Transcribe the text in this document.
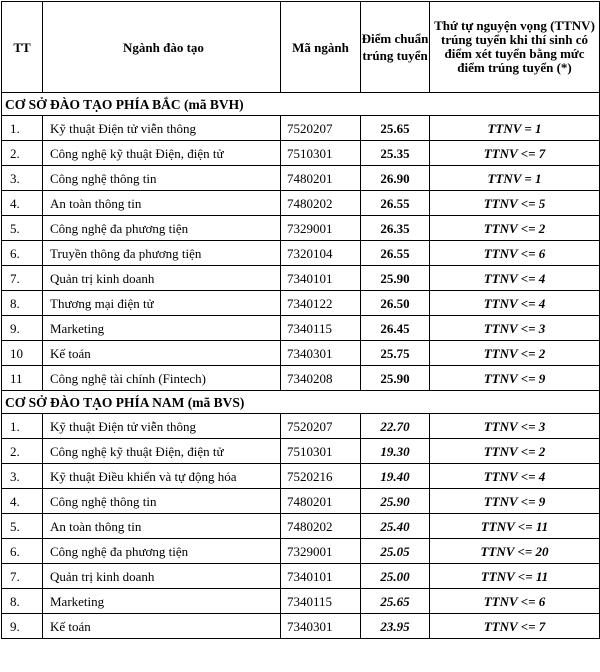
TT	Ngành đào tạo	Mã ngành	Điểm chuẩn trúng tuyển	Thứ tự nguyện vọng (TTNV) trúng tuyển khi thí sinh có điểm xét tuyển bằng mức điểm trúng tuyển (*)
CƠ SỞ ĐÀO TẠO PHÍA BẮC (mã BVH)				
1.	Kỹ thuật Điện tử viễn thông	7520207	25.65	TTNV = 1
2.	Công nghệ kỹ thuật Điện, điện tử	7510301	25.35	TTNV <= 7
3.	Công nghệ thông tin	7480201	26.90	TTNV = 1
4.	An toàn thông tin	7480202	26.55	TTNV <= 5
5.	Công nghệ đa phương tiện	7329001	26.35	TTNV <= 2
6.	Truyền thông đa phương tiện	7320104	26.55	TTNV <= 6
7.	Quản trị kinh doanh	7340101	25.90	TTNV <= 4
8.	Thương mại điện tử	7340122	26.50	TTNV <= 4
9.	Marketing	7340115	26.45	TTNV <= 3
10	Kế toán	7340301	25.75	TTNV <= 2
11	Công nghệ tài chính (Fintech)	7340208	25.90	TTNV <= 9
CƠ SỞ ĐÀO TẠO PHÍA NAM (mã BVS)				
1.	Kỹ thuật Điện tử viễn thông	7520207	22.70	TTNV <= 3
2.	Công nghệ kỹ thuật Điện, điện tử	7510301	19.30	TTNV <= 2
3.	Kỹ thuật Điều khiển và tự động hóa	7520216	19.40	TTNV <= 4
4.	Công nghệ thông tin	7480201	25.90	TTNV <= 9
5.	An toàn thông tin	7480202	25.40	TTNV <= 11
6.	Công nghệ đa phương tiện	7329001	25.05	TTNV <= 20
7.	Quản trị kinh doanh	7340101	25.00	TTNV <= 11
8.	Marketing	7340115	25.65	TTNV <= 6
9.	Kế toán	7340301	23.95	TTNV <= 7
